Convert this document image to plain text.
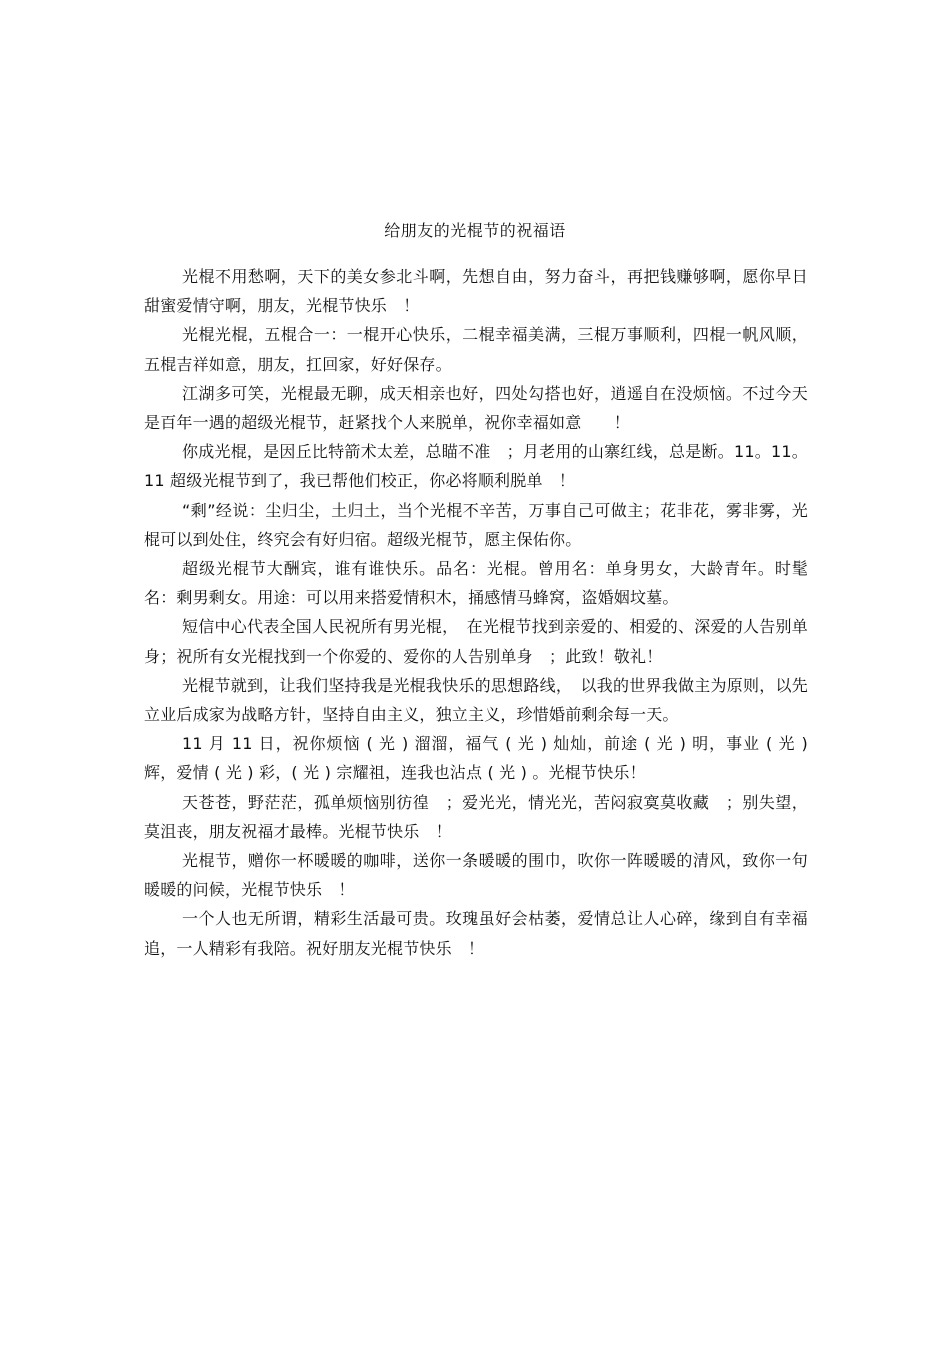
给朋友的光棍节的祝福语

光棍不用愁啊，天下的美女参北斗啊，先想自由，努力奋斗，再把钱赚够啊，愿你早日甜蜜爱情守啊，朋友，光棍节快乐　！

光棍光棍，五棍合一：一棍开心快乐，二棍幸福美满，三棍万事顺利，四棍一帆风顺，五棍吉祥如意，朋友，扛回家，好好保存。

江湖多可笑，光棍最无聊，成天相亲也好，四处勾搭也好，逍遥自在没烦恼。不过今天是百年一遇的超级光棍节，赶紧找个人来脱单，祝你幸福如意　　！

你成光棍，是因丘比特箭术太差，总瞄不准　；月老用的山寨红线，总是断。11。11。11 超级光棍节到了，我已帮他们校正，你必将顺利脱单　！

“剩”经说：尘归尘，土归土，当个光棍不辛苦，万事自己可做主；花非花，雾非雾，光棍可以到处住，终究会有好归宿。超级光棍节，愿主保佑你。

超级光棍节大酬宾，谁有谁快乐。品名：光棍。曾用名：单身男女，大龄青年。时髦名：剩男剩女。用途：可以用来搭爱情积木，捅感情马蜂窝，盗婚姻坟墓。

短信中心代表全国人民祝所有男光棍，　在光棍节找到亲爱的、相爱的、深爱的人告别单身；祝所有女光棍找到一个你爱的、爱你的人告别单身　；此致！敬礼！

光棍节就到，让我们坚持我是光棍我快乐的思想路线，　以我的世界我做主为原则，以先立业后成家为战略方针，坚持自由主义，独立主义，珍惜婚前剩余每一天。

11 月 11 日，祝你烦恼 ( 光 ) 溜溜，福气 ( 光 ) 灿灿，前途 ( 光 ) 明，事业 ( 光 ) 辉，爱情 ( 光 ) 彩，( 光 ) 宗耀祖，连我也沾点 ( 光 ) 。光棍节快乐！

天苍苍，野茫茫，孤单烦恼别彷徨　；爱光光，情光光，苦闷寂寞莫收藏　；别失望，莫沮丧，朋友祝福才最棒。光棍节快乐　！

光棍节，赠你一杯暖暖的咖啡，送你一条暖暖的围巾，吹你一阵暖暖的清风，致你一句暖暖的问候，光棍节快乐　！

一个人也无所谓，精彩生活最可贵。玫瑰虽好会枯萎，爱情总让人心碎，缘到自有幸福追，一人精彩有我陪。祝好朋友光棍节快乐　！
